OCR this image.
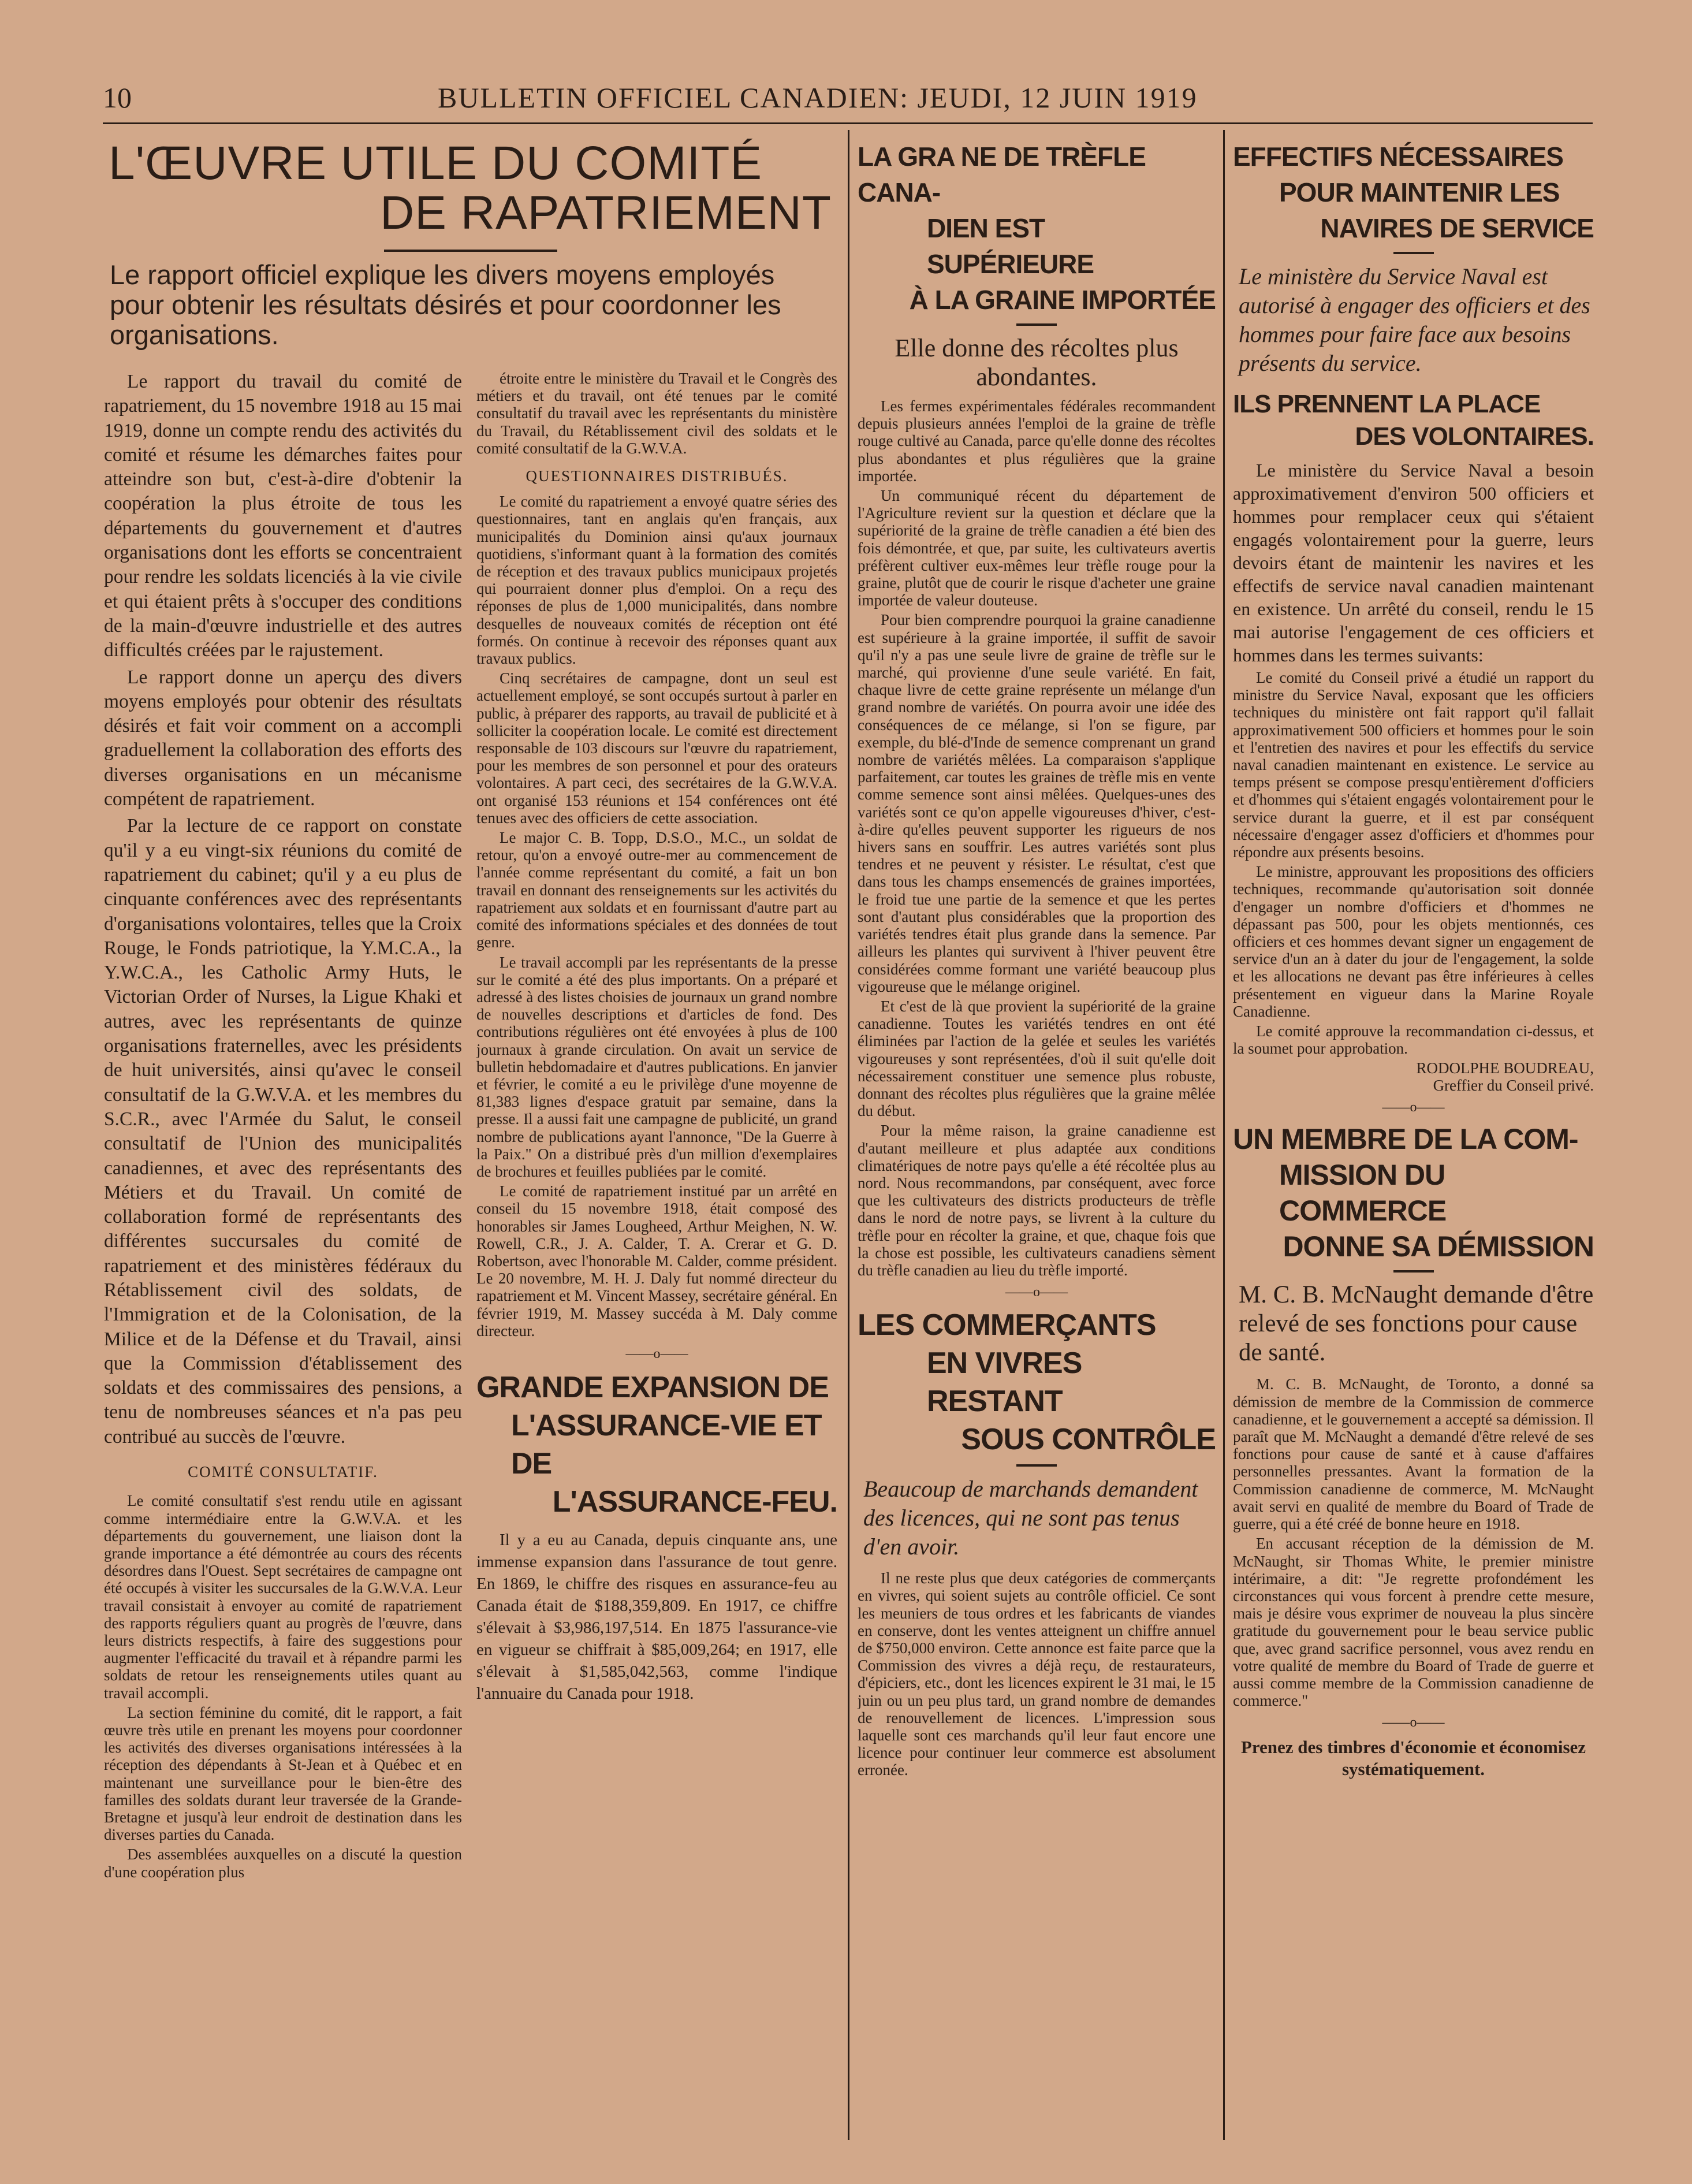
10	BULLETIN OFFICIEL CANADIEN: JEUDI, 12 JUIN 1919
L'ŒUVRE UTILE DU COMITÉ
DE RAPATRIEMENT
Le rapport officiel explique les divers moyens employés pour obtenir les résultats désirés et pour coordonner les organisations.

Le rapport du travail du comité de rapatriement, du 15 novembre 1918 au 15 mai 1919, donne un compte rendu des activités du comité et résume les démarches faites pour atteindre son but, c'est-à-dire d'obtenir la coopération la plus étroite de tous les départements du gouvernement et d'autres organisations dont les efforts se concentraient pour rendre les soldats licenciés à la vie civile et qui étaient prêts à s'occuper des conditions de la main-d'œuvre industrielle et des autres difficultés créées par le rajustement.

Le rapport donne un aperçu des divers moyens employés pour obtenir des résultats désirés et fait voir comment on a accompli graduellement la collaboration des efforts des diverses organisations en un mécanisme compétent de rapatriement.

Par la lecture de ce rapport on constate qu'il y a eu vingt-six réunions du comité de rapatriement du cabinet; qu'il y a eu plus de cinquante conférences avec des représentants d'organisations volontaires, telles que la Croix Rouge, le Fonds patriotique, la Y.M.C.A., la Y.W.C.A., les Catholic Army Huts, le Victorian Order of Nurses, la Ligue Khaki et autres, avec les représentants de quinze organisations fraternelles, avec les présidents de huit universités, ainsi qu'avec le conseil consultatif de la G.W.V.A. et les membres du S.C.R., avec l'Armée du Salut, le conseil consultatif de l'Union des municipalités canadiennes, et avec des représentants des Métiers et du Travail. Un comité de collaboration formé de représentants des différentes succursales du comité de rapatriement et des ministères fédéraux du Rétablissement civil des soldats, de l'Immigration et de la Colonisation, de la Milice et de la Défense et du Travail, ainsi que la Commission d'établissement des soldats et des commissaires des pensions, a tenu de nombreuses séances et n'a pas peu contribué au succès de l'œuvre.

COMITÉ CONSULTATIF.

Le comité consultatif s'est rendu utile en agissant comme intermédiaire entre la G.W.V.A. et les départements du gouvernement, une liaison dont la grande importance a été démontrée au cours des récents désordres dans l'Ouest. Sept secrétaires de campagne ont été occupés à visiter les succursales de la G.W.V.A. Leur travail consistait à envoyer au comité de rapatriement des rapports réguliers quant au progrès de l'œuvre, dans leurs districts respectifs, à faire des suggestions pour augmenter l'efficacité du travail et à répandre parmi les soldats de retour les renseignements utiles quant au travail accompli.

La section féminine du comité, dit le rapport, a fait œuvre très utile en prenant les moyens pour coordonner les activités des diverses organisations intéressées à la réception des dépendants à St-Jean et à Québec et en maintenant une surveillance pour le bien-être des familles des soldats durant leur traversée de la Grande-Bretagne et jusqu'à leur endroit de destination dans les diverses parties du Canada.

Des assemblées auxquelles on a discuté la question d'une coopération plus

étroite entre le ministère du Travail et le Congrès des métiers et du travail, ont été tenues par le comité consultatif du travail avec les représentants du ministère du Travail, du Rétablissement civil des soldats et le comité consultatif de la G.W.V.A.

QUESTIONNAIRES DISTRIBUÉS.

Le comité du rapatriement a envoyé quatre séries des questionnaires, tant en anglais qu'en français, aux municipalités du Dominion ainsi qu'aux journaux quotidiens, s'informant quant à la formation des comités de réception et des travaux publics municipaux projetés qui pourraient donner plus d'emploi. On a reçu des réponses de plus de 1,000 municipalités, dans nombre desquelles de nouveaux comités de réception ont été formés. On continue à recevoir des réponses quant aux travaux publics.

Cinq secrétaires de campagne, dont un seul est actuellement employé, se sont occupés surtout à parler en public, à préparer des rapports, au travail de publicité et à solliciter la coopération locale. Le comité est directement responsable de 103 discours sur l'œuvre du rapatriement, pour les membres de son personnel et pour des orateurs volontaires. A part ceci, des secrétaires de la G.W.V.A. ont organisé 153 réunions et 154 conférences ont été tenues avec des officiers de cette association.

Le major C. B. Topp, D.S.O., M.C., un soldat de retour, qu'on a envoyé outre-mer au commencement de l'année comme représentant du comité, a fait un bon travail en donnant des renseignements sur les activités du rapatriement aux soldats et en fournissant d'autre part au comité des informations spéciales et des données de tout genre.

Le travail accompli par les représentants de la presse sur le comité a été des plus importants. On a préparé et adressé à des listes choisies de journaux un grand nombre de nouvelles descriptions et d'articles de fond. Des contributions régulières ont été envoyées à plus de 100 journaux à grande circulation. On avait un service de bulletin hebdomadaire et d'autres publications. En janvier et février, le comité a eu le privilège d'une moyenne de 81,383 lignes d'espace gratuit par semaine, dans la presse. Il a aussi fait une campagne de publicité, un grand nombre de publications ayant l'annonce, "De la Guerre à la Paix." On a distribué près d'un million d'exemplaires de brochures et feuilles publiées par le comité.

Le comité de rapatriement institué par un arrêté en conseil du 15 novembre 1918, était composé des honorables sir James Lougheed, Arthur Meighen, N. W. Rowell, C.R., J. A. Calder, T. A. Crerar et G. D. Robertson, avec l'honorable M. Calder, comme président. Le 20 novembre, M. H. J. Daly fut nommé directeur du rapatriement et M. Vincent Massey, secrétaire général. En février 1919, M. Massey succéda à M. Daly comme directeur.

——o——
GRANDE EXPANSION DE
L'ASSURANCE-VIE ET DE
L'ASSURANCE-FEU.

Il y a eu au Canada, depuis cinquante ans, une immense expansion dans l'assurance de tout genre. En 1869, le chiffre des risques en assurance-feu au Canada était de $188,359,809. En 1917, ce chiffre s'élevait à $3,986,197,514. En 1875 l'assurance-vie en vigueur se chiffrait à $85,009,264; en 1917, elle s'élevait à $1,585,042,563, comme l'indique l'annuaire du Canada pour 1918.

LA GRA NE DE TRÈFLE CANA-
DIEN EST SUPÉRIEURE
À LA GRAINE IMPORTÉE
Elle donne des récoltes plus abondantes.

Les fermes expérimentales fédérales recommandent depuis plusieurs années l'emploi de la graine de trèfle rouge cultivé au Canada, parce qu'elle donne des récoltes plus abondantes et plus régulières que la graine importée.

Un communiqué récent du département de l'Agriculture revient sur la question et déclare que la supériorité de la graine de trèfle canadien a été bien des fois démontrée, et que, par suite, les cultivateurs avertis préfèrent cultiver eux-mêmes leur trèfle rouge pour la graine, plutôt que de courir le risque d'acheter une graine importée de valeur douteuse.

Pour bien comprendre pourquoi la graine canadienne est supérieure à la graine importée, il suffit de savoir qu'il n'y a pas une seule livre de graine de trèfle sur le marché, qui provienne d'une seule variété. En fait, chaque livre de cette graine représente un mélange d'un grand nombre de variétés. On pourra avoir une idée des conséquences de ce mélange, si l'on se figure, par exemple, du blé-d'Inde de semence comprenant un grand nombre de variétés mêlées. La comparaison s'applique parfaitement, car toutes les graines de trèfle mis en vente comme semence sont ainsi mêlées. Quelques-unes des variétés sont ce qu'on appelle vigoureuses d'hiver, c'est-à-dire qu'elles peuvent supporter les rigueurs de nos hivers sans en souffrir. Les autres variétés sont plus tendres et ne peuvent y résister. Le résultat, c'est que dans tous les champs ensemencés de graines importées, le froid tue une partie de la semence et que les pertes sont d'autant plus considérables que la proportion des variétés tendres était plus grande dans la semence. Par ailleurs les plantes qui survivent à l'hiver peuvent être considérées comme formant une variété beaucoup plus vigoureuse que le mélange originel.

Et c'est de là que provient la supériorité de la graine canadienne. Toutes les variétés tendres en ont été éliminées par l'action de la gelée et seules les variétés vigoureuses y sont représentées, d'où il suit qu'elle doit nécessairement constituer une semence plus robuste, donnant des récoltes plus régulières que la graine mêlée du début.

Pour la même raison, la graine canadienne est d'autant meilleure et plus adaptée aux conditions climatériques de notre pays qu'elle a été récoltée plus au nord. Nous recommandons, par conséquent, avec force que les cultivateurs des districts producteurs de trèfle dans le nord de notre pays, se livrent à la culture du trèfle pour en récolter la graine, et que, chaque fois que la chose est possible, les cultivateurs canadiens sèment du trèfle canadien au lieu du trèfle importé.

——o——
LES COMMERÇANTS
EN VIVRES RESTANT
SOUS CONTRÔLE
Beaucoup de marchands demandent des licences, qui ne sont pas tenus d'en avoir.

Il ne reste plus que deux catégories de commerçants en vivres, qui soient sujets au contrôle officiel. Ce sont les meuniers de tous ordres et les fabricants de viandes en conserve, dont les ventes atteignent un chiffre annuel de $750,000 environ. Cette annonce est faite parce que la Commission des vivres a déjà reçu, de restaurateurs, d'épiciers, etc., dont les licences expirent le 31 mai, le 15 juin ou un peu plus tard, un grand nombre de demandes de renouvellement de licences. L'impression sous laquelle sont ces marchands qu'il leur faut encore une licence pour continuer leur commerce est absolument erronée.

EFFECTIFS NÉCESSAIRES
POUR MAINTENIR LES
NAVIRES DE SERVICE
Le ministère du Service Naval est autorisé à engager des officiers et des hommes pour faire face aux besoins présents du service.
ILS PRENNENT LA PLACE
DES VOLONTAIRES.

Le ministère du Service Naval a besoin approximativement d'environ 500 officiers et hommes pour remplacer ceux qui s'étaient engagés volontairement pour la guerre, leurs devoirs étant de maintenir les navires et les effectifs de service naval canadien maintenant en existence. Un arrêté du conseil, rendu le 15 mai autorise l'engagement de ces officiers et hommes dans les termes suivants:

Le comité du Conseil privé a étudié un rapport du ministre du Service Naval, exposant que les officiers techniques du ministère ont fait rapport qu'il fallait approximativement 500 officiers et hommes pour le soin et l'entretien des navires et pour les effectifs du service naval canadien maintenant en existence. Le service au temps présent se compose presqu'entièrement d'officiers et d'hommes qui s'étaient engagés volontairement pour le service durant la guerre, et il est par conséquent nécessaire d'engager assez d'officiers et d'hommes pour répondre aux présents besoins.

Le ministre, approuvant les propositions des officiers techniques, recommande qu'autorisation soit donnée d'engager un nombre d'officiers et d'hommes ne dépassant pas 500, pour les objets mentionnés, ces officiers et ces hommes devant signer un engagement de service d'un an à dater du jour de l'engagement, la solde et les allocations ne devant pas être inférieures à celles présentement en vigueur dans la Marine Royale Canadienne.

Le comité approuve la recommandation ci-dessus, et la soumet pour approbation.

RODOLPHE BOUDREAU,
Greffier du Conseil privé.
——o——
UN MEMBRE DE LA COM-
MISSION DU COMMERCE
DONNE SA DÉMISSION
M. C. B. McNaught demande d'être relevé de ses fonctions pour cause de santé.

M. C. B. McNaught, de Toronto, a donné sa démission de membre de la Commission de commerce canadienne, et le gouvernement a accepté sa démission. Il paraît que M. McNaught a demandé d'être relevé de ses fonctions pour cause de santé et à cause d'affaires personnelles pressantes. Avant la formation de la Commission canadienne de commerce, M. McNaught avait servi en qualité de membre du Board of Trade de guerre, qui a été créé de bonne heure en 1918.

En accusant réception de la démission de M. McNaught, sir Thomas White, le premier ministre intérimaire, a dit: "Je regrette profondément les circonstances qui vous forcent à prendre cette mesure, mais je désire vous exprimer de nouveau la plus sincère gratitude du gouvernement pour le beau service public que, avec grand sacrifice personnel, vous avez rendu en votre qualité de membre du Board of Trade de guerre et aussi comme membre de la Commission canadienne de commerce."

——o——
Prenez des timbres d'économie et économisez systématiquement.
